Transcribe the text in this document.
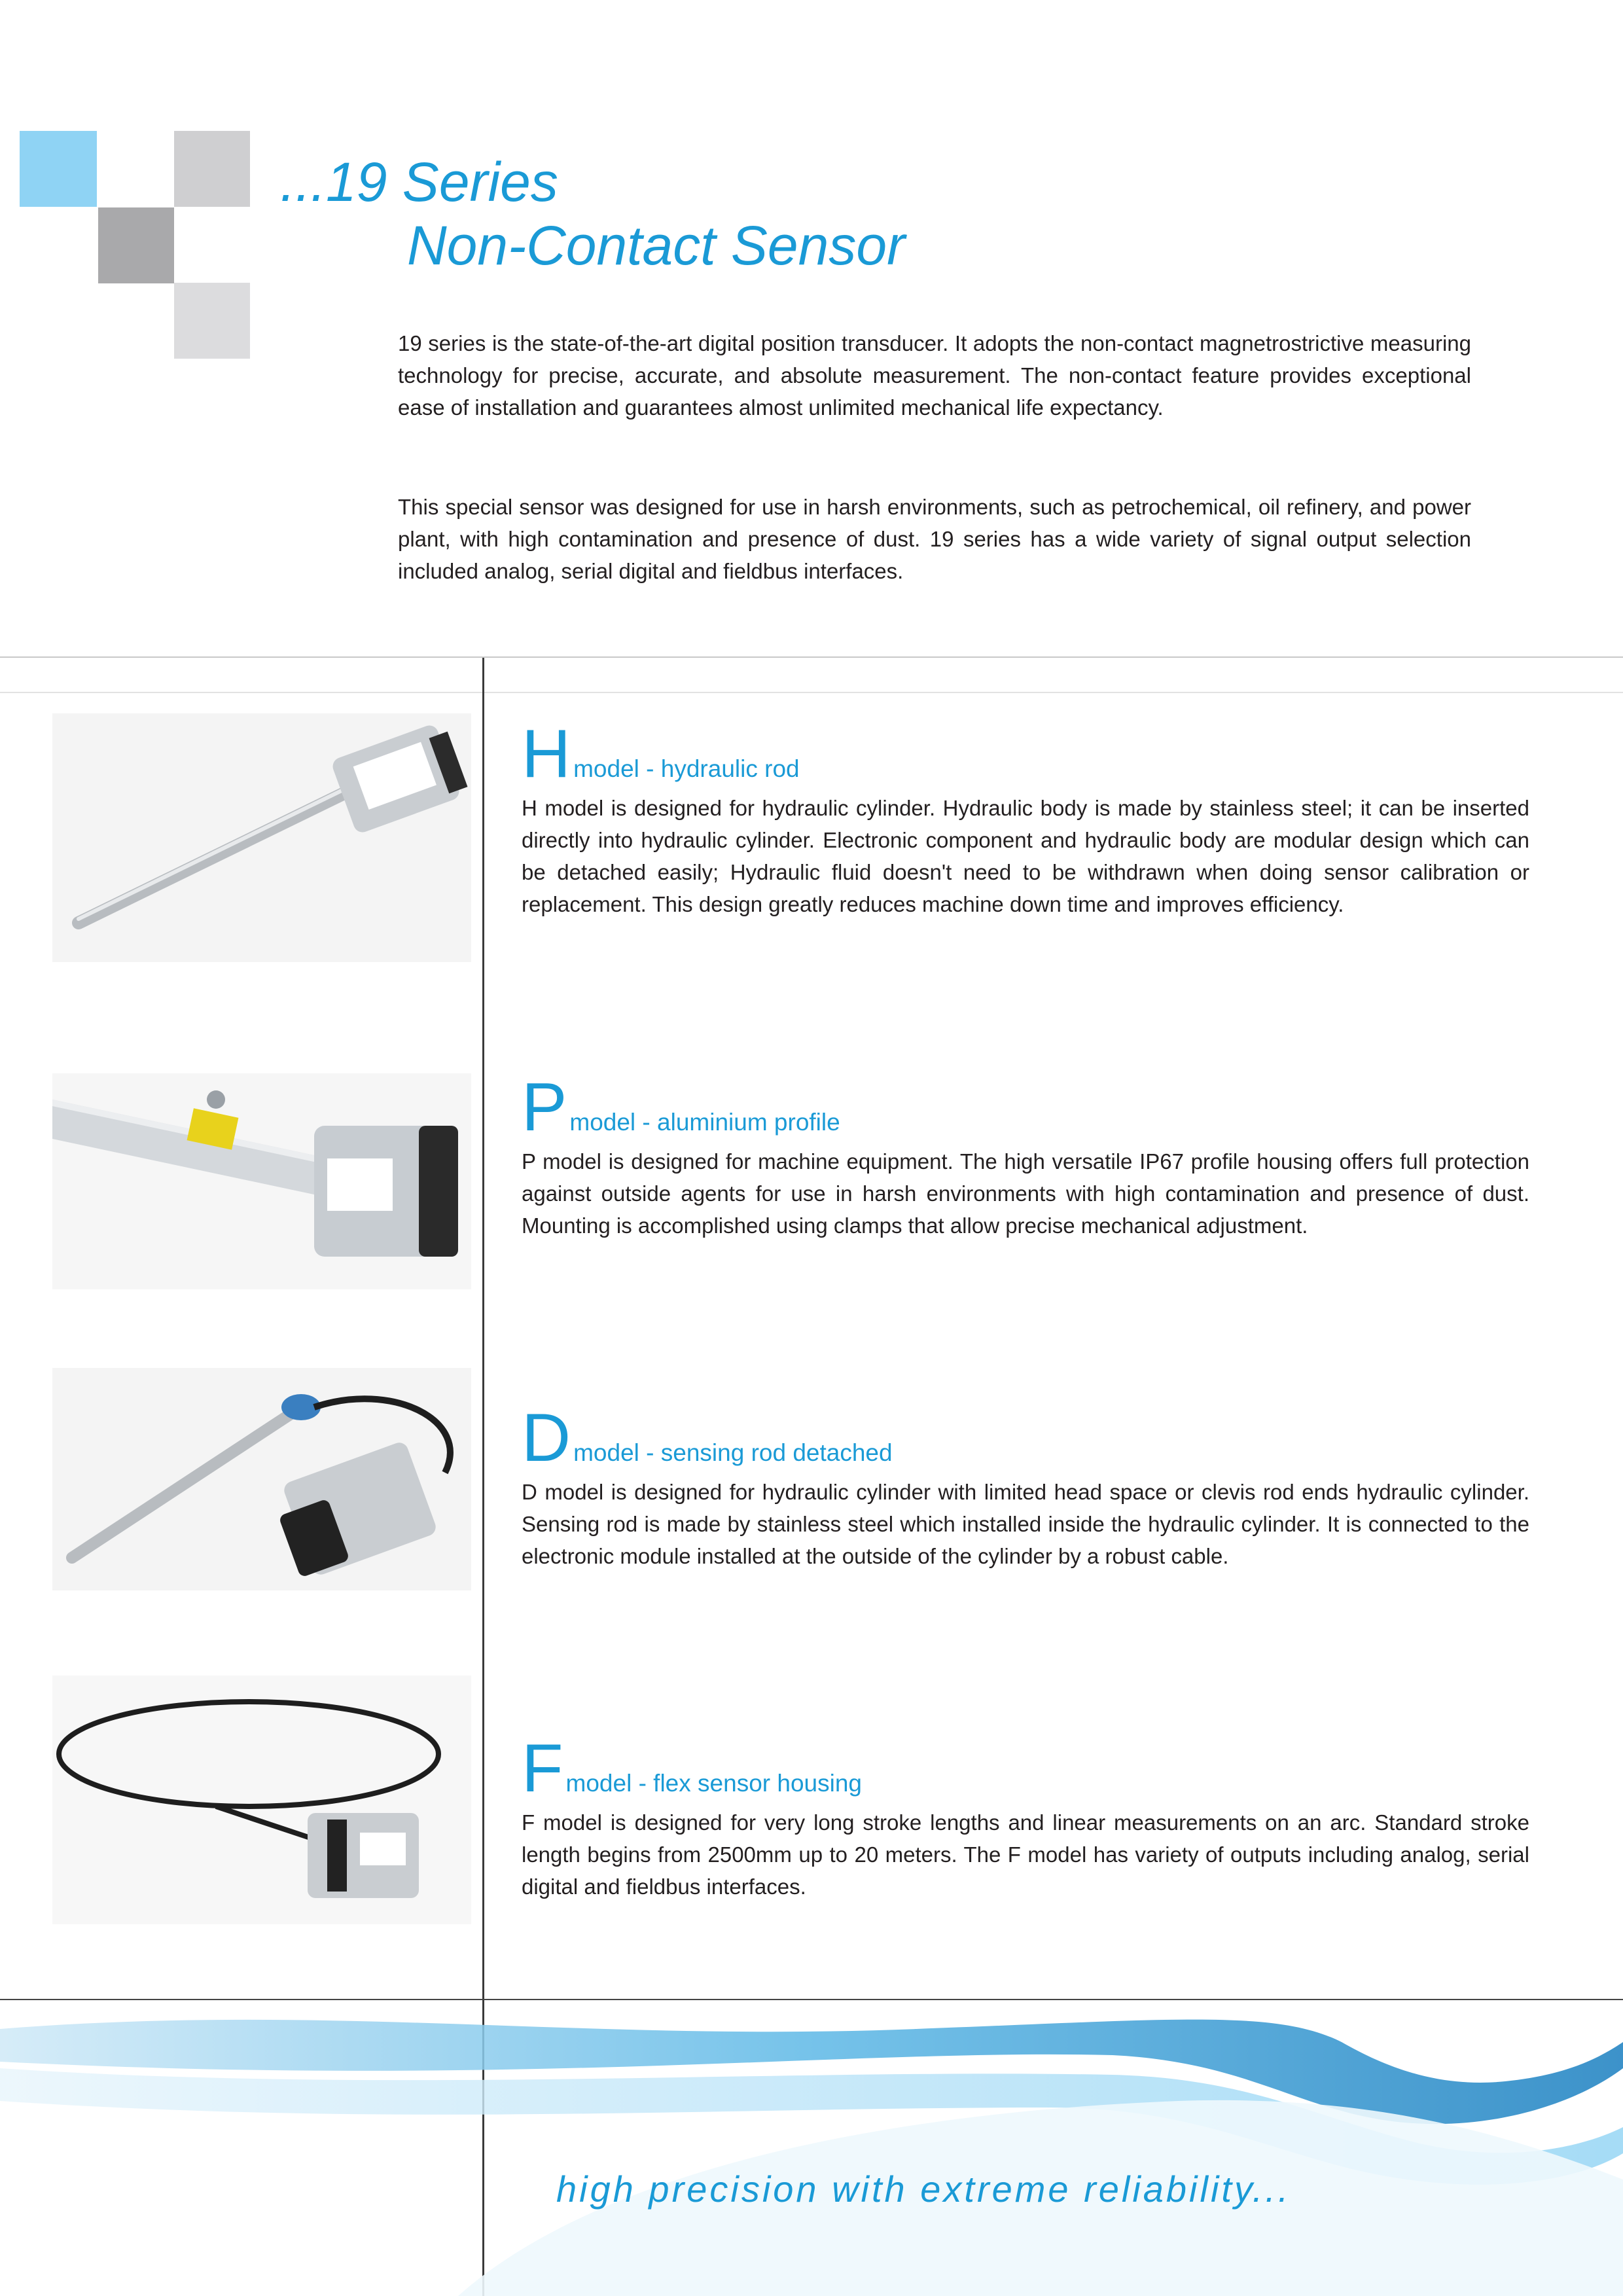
...19 Series
Non-Contact Sensor

19 series is the state-of-the-art digital position transducer. It adopts the non-contact magnetrostrictive measuring technology for precise, accurate, and absolute measurement. The non-contact feature provides exceptional ease of installation and guarantees almost unlimited mechanical life expectancy.

This special sensor was designed for use in harsh environments, such as petrochemical, oil refinery, and power plant, with high contamination and presence of dust. 19 series has a wide variety of signal output selection included analog, serial digital and fieldbus interfaces.

Hmodel - hydraulic rod

H model is designed for hydraulic cylinder. Hydraulic body is made by stainless steel; it can be inserted directly into hydraulic cylinder. Electronic component and hydraulic body are modular design which can be detached easily; Hydraulic fluid doesn't need to be withdrawn when doing sensor calibration or replacement. This design greatly reduces machine down time and improves efficiency.

Pmodel - aluminium profile

P model is designed for machine equipment. The high versatile IP67 profile housing offers full protection against outside agents for use in harsh environments with high contamination and presence of dust. Mounting is accomplished using clamps that allow precise mechanical adjustment.

Dmodel - sensing rod detached

D model is designed for hydraulic cylinder with limited head space or clevis rod ends hydraulic cylinder. Sensing rod is made by stainless steel which installed inside the hydraulic cylinder. It is connected to the electronic module installed at the outside of the cylinder by a robust cable.

Fmodel - flex sensor housing

F model is designed for very long stroke lengths and linear measurements on an arc. Standard stroke length begins from 2500mm up to 20 meters. The F model has variety of outputs including analog, serial digital and fieldbus interfaces.

high precision with extreme reliability...
